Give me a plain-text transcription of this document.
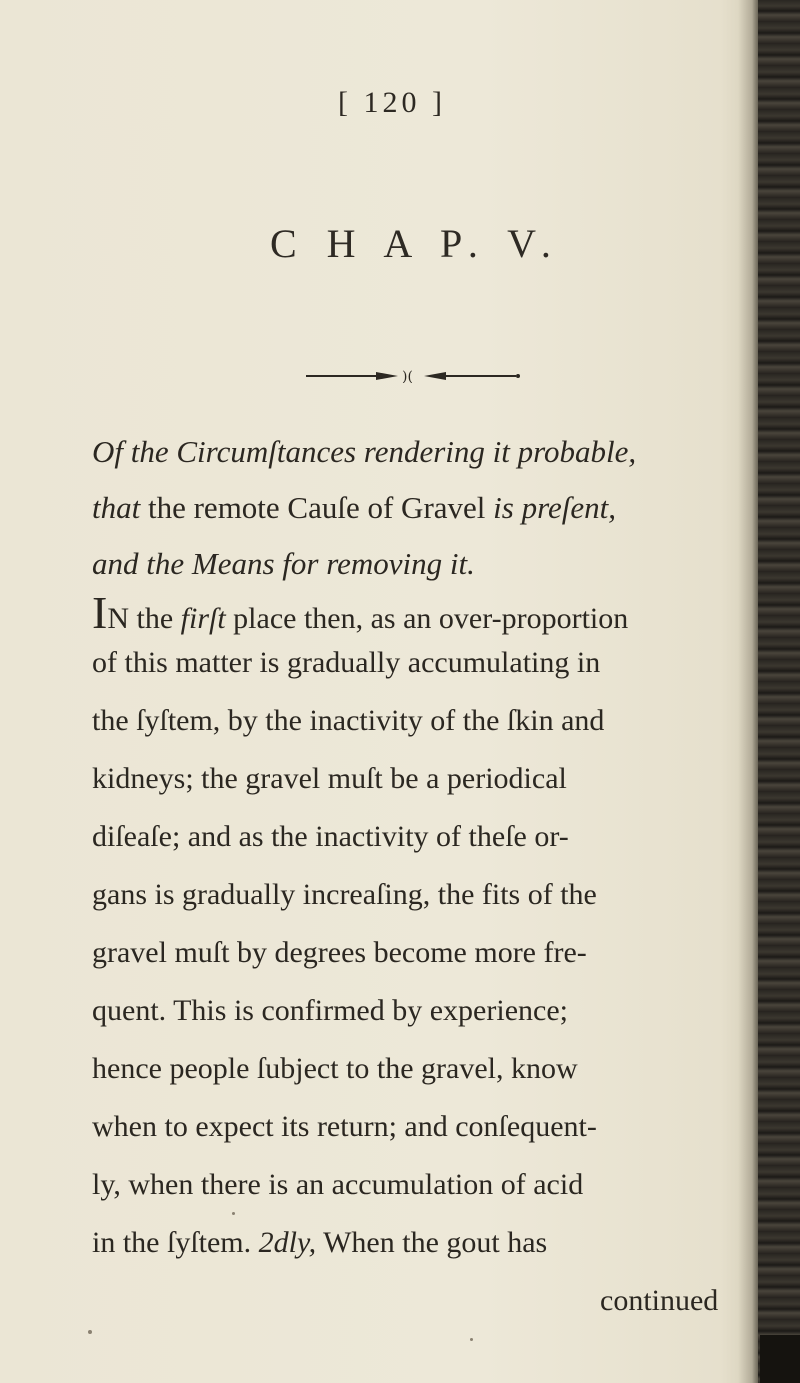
[ 120 ]
C H A P. V.
)(
Of the Circumſtances rendering it probable,
that the remote Cauſe of Gravel is preſent,
and the Means for removing it.
IN the firſt place then, as an over-proportion
of this matter is gradually accumulating in
the ſyſtem, by the inactivity of the ſkin and
kidneys; the gravel muſt be a periodical
diſeaſe; and as the inactivity of theſe or-
gans is gradually increaſing, the fits of the
gravel muſt by degrees become more fre-
quent. This is confirmed by experience;
hence people ſubject to the gravel, know
when to expect its return; and conſequent-
ly, when there is an accumulation of acid
in the ſyſtem. 2dly, When the gout has
continued
